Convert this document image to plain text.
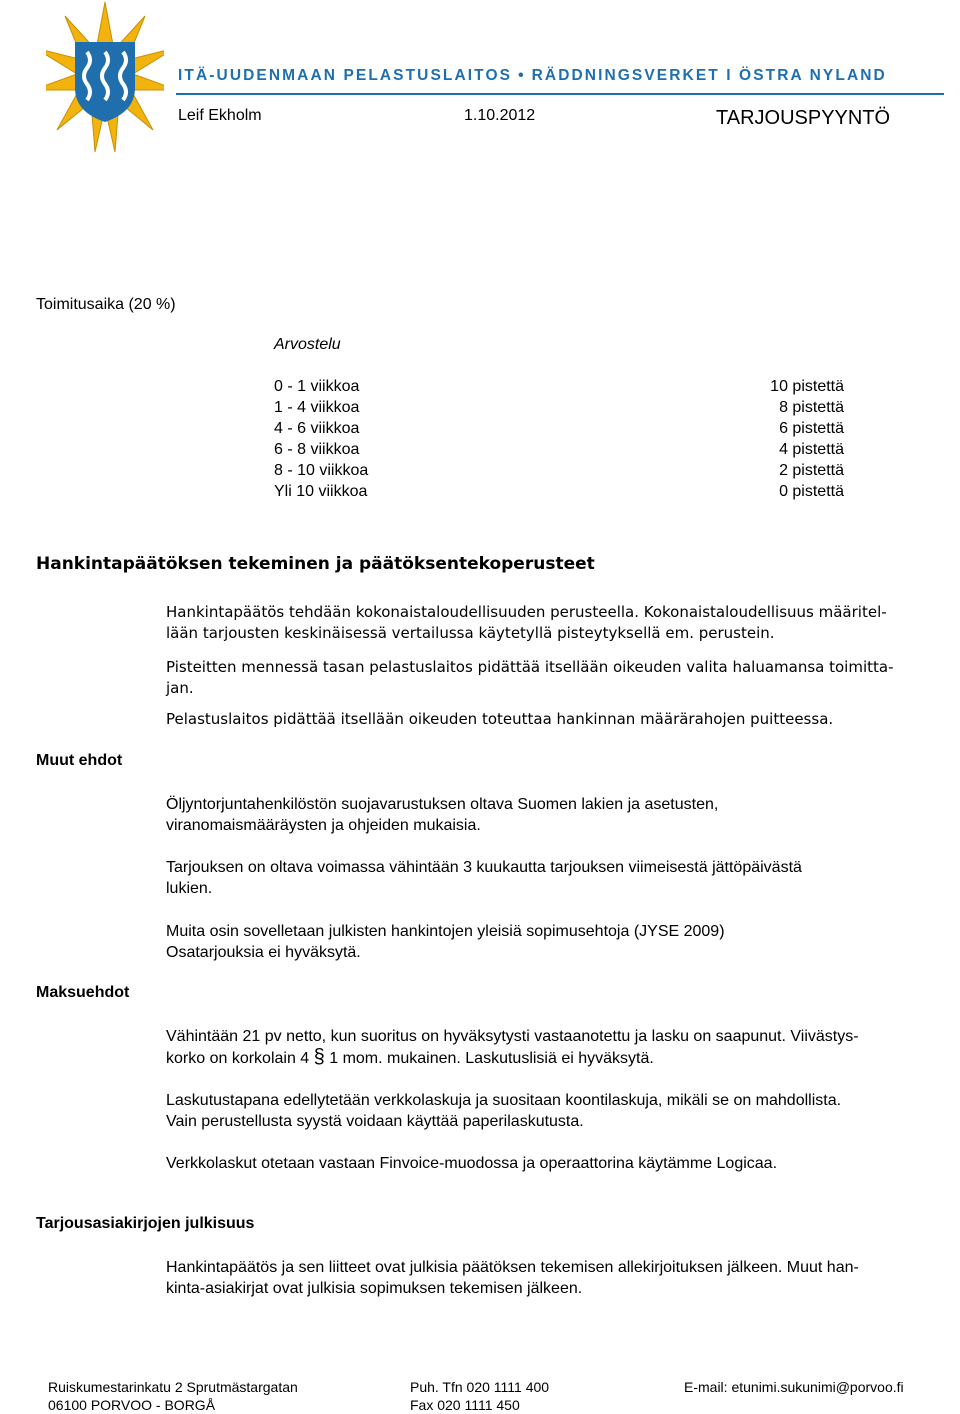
ITÄ-UUDENMAAN PELASTUSLAITOS • RÄDDNINGSVERKET I ÖSTRA NYLAND
Leif Ekholm	1.10.2012	TARJOUSPYYNTÖ
Toimitusaika (20 %)
Arvostelu
0 - 1 viikkoa	10 pistettä
1 - 4 viikkoa	8 pistettä
4 - 6 viikkoa	6 pistettä
6 - 8 viikkoa	4 pistettä
8 - 10 viikkoa	2 pistettä
Yli 10 viikkoa	0 pistettä
Hankintapäätöksen tekeminen ja päätöksentekoperusteet
Hankintapäätös tehdään kokonaistaloudellisuuden perusteella. Kokonaistaloudellisuus määritel-
lään tarjousten keskinäisessä vertailussa käytetyllä pisteytyksellä em. perustein.
Pisteitten mennessä tasan pelastuslaitos pidättää itsellään oikeuden valita haluamansa toimitta-
jan.
Pelastuslaitos pidättää itsellään oikeuden toteuttaa hankinnan määrärahojen puitteessa.
Muut ehdot
Öljyntorjuntahenkilöstön suojavarustuksen oltava Suomen lakien ja asetusten,
viranomaismääräysten ja ohjeiden mukaisia.
Tarjouksen on oltava voimassa vähintään 3 kuukautta tarjouksen viimeisestä jättöpäivästä
lukien.
Muita osin sovelletaan julkisten hankintojen yleisiä sopimusehtoja (JYSE 2009)
Osatarjouksia ei hyväksytä.
Maksuehdot
Vähintään 21 pv netto, kun suoritus on hyväksytysti vastaanotettu ja lasku on saapunut. Viivästys-
korko on korkolain 4 § 1 mom. mukainen. Laskutuslisiä ei hyväksytä.
Laskutustapana edellytetään verkkolaskuja ja suositaan koontilaskuja, mikäli se on mahdollista.
Vain perustellusta syystä voidaan käyttää paperilaskutusta.
Verkkolaskut otetaan vastaan Finvoice-muodossa ja operaattorina käytämme Logicaa.
Tarjousasiakirjojen julkisuus
Hankintapäätös ja sen liitteet ovat julkisia päätöksen tekemisen allekirjoituksen jälkeen. Muut han-
kinta-asiakirjat ovat julkisia sopimuksen tekemisen jälkeen.
Ruiskumestarinkatu 2 Sprutmästargatan
06100 PORVOO - BORGÅ
Puh. Tfn 020 1111 400
Fax 020 1111 450
E-mail: etunimi.sukunimi@porvoo.fi
